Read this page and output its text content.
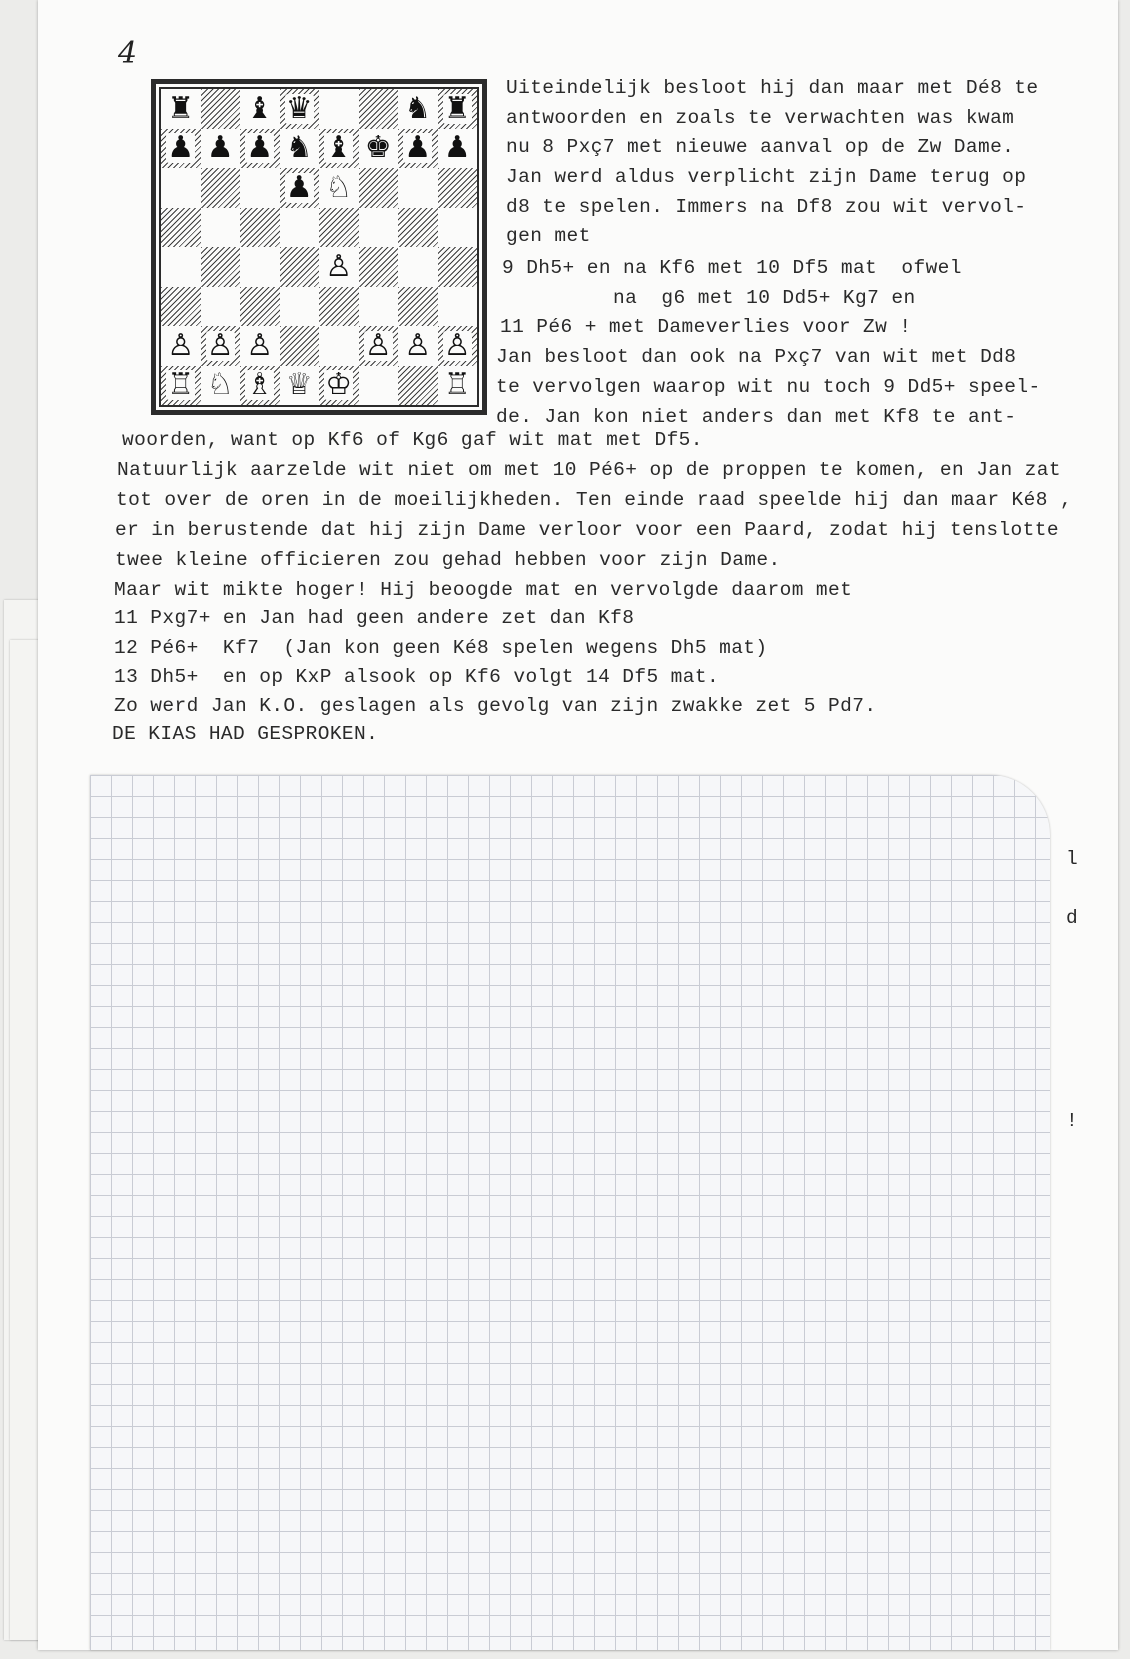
4
♜ ♝ ♛	♞ ♜
♟ ♟ ♟ ♞ ♝ ♚ ♟ ♟
♟ ♘
♙
♙ ♙ ♙	♙ ♙ ♙
♖ ♘ ♗ ♕ ♔	♖

Uiteindelijk besloot hij dan maar met Dé8 te

antwoorden en zoals te verwachten was kwam

nu 8 Pxç7 met nieuwe aanval op de Zw Dame.

Jan werd aldus verplicht zijn Dame terug op

d8 te spelen. Immers na Df8 zou wit vervol-

gen met

9 Dh5+ en na Kf6 met 10 Df5 mat  ofwel

na  g6 met 10 Dd5+ Kg7 en

11 Pé6 + met Dameverlies voor Zw !

Jan besloot dan ook na Pxç7 van wit met Dd8

te vervolgen waarop wit nu toch 9 Dd5+ speel-

de. Jan kon niet anders dan met Kf8 te ant-

woorden, want op Kf6 of Kg6 gaf wit mat met Df5.

Natuurlijk aarzelde wit niet om met 10 Pé6+ op de proppen te komen, en Jan zat

tot over de oren in de moeilijkheden. Ten einde raad speelde hij dan maar Ké8 ,

er in berustende dat hij zijn Dame verloor voor een Paard, zodat hij tenslotte

twee kleine officieren zou gehad hebben voor zijn Dame.

Maar wit mikte hoger! Hij beoogde mat en vervolgde daarom met

11 Pxg7+ en Jan had geen andere zet dan Kf8

12 Pé6+  Kf7  (Jan kon geen Ké8 spelen wegens Dh5 mat)

13 Dh5+  en op KxP alsook op Kf6 volgt 14 Df5 mat.

Zo werd Jan K.O. geslagen als gevolg van zijn zwakke zet 5 Pd7.

DE KIAS HAD GESPROKEN.

l
d
!
